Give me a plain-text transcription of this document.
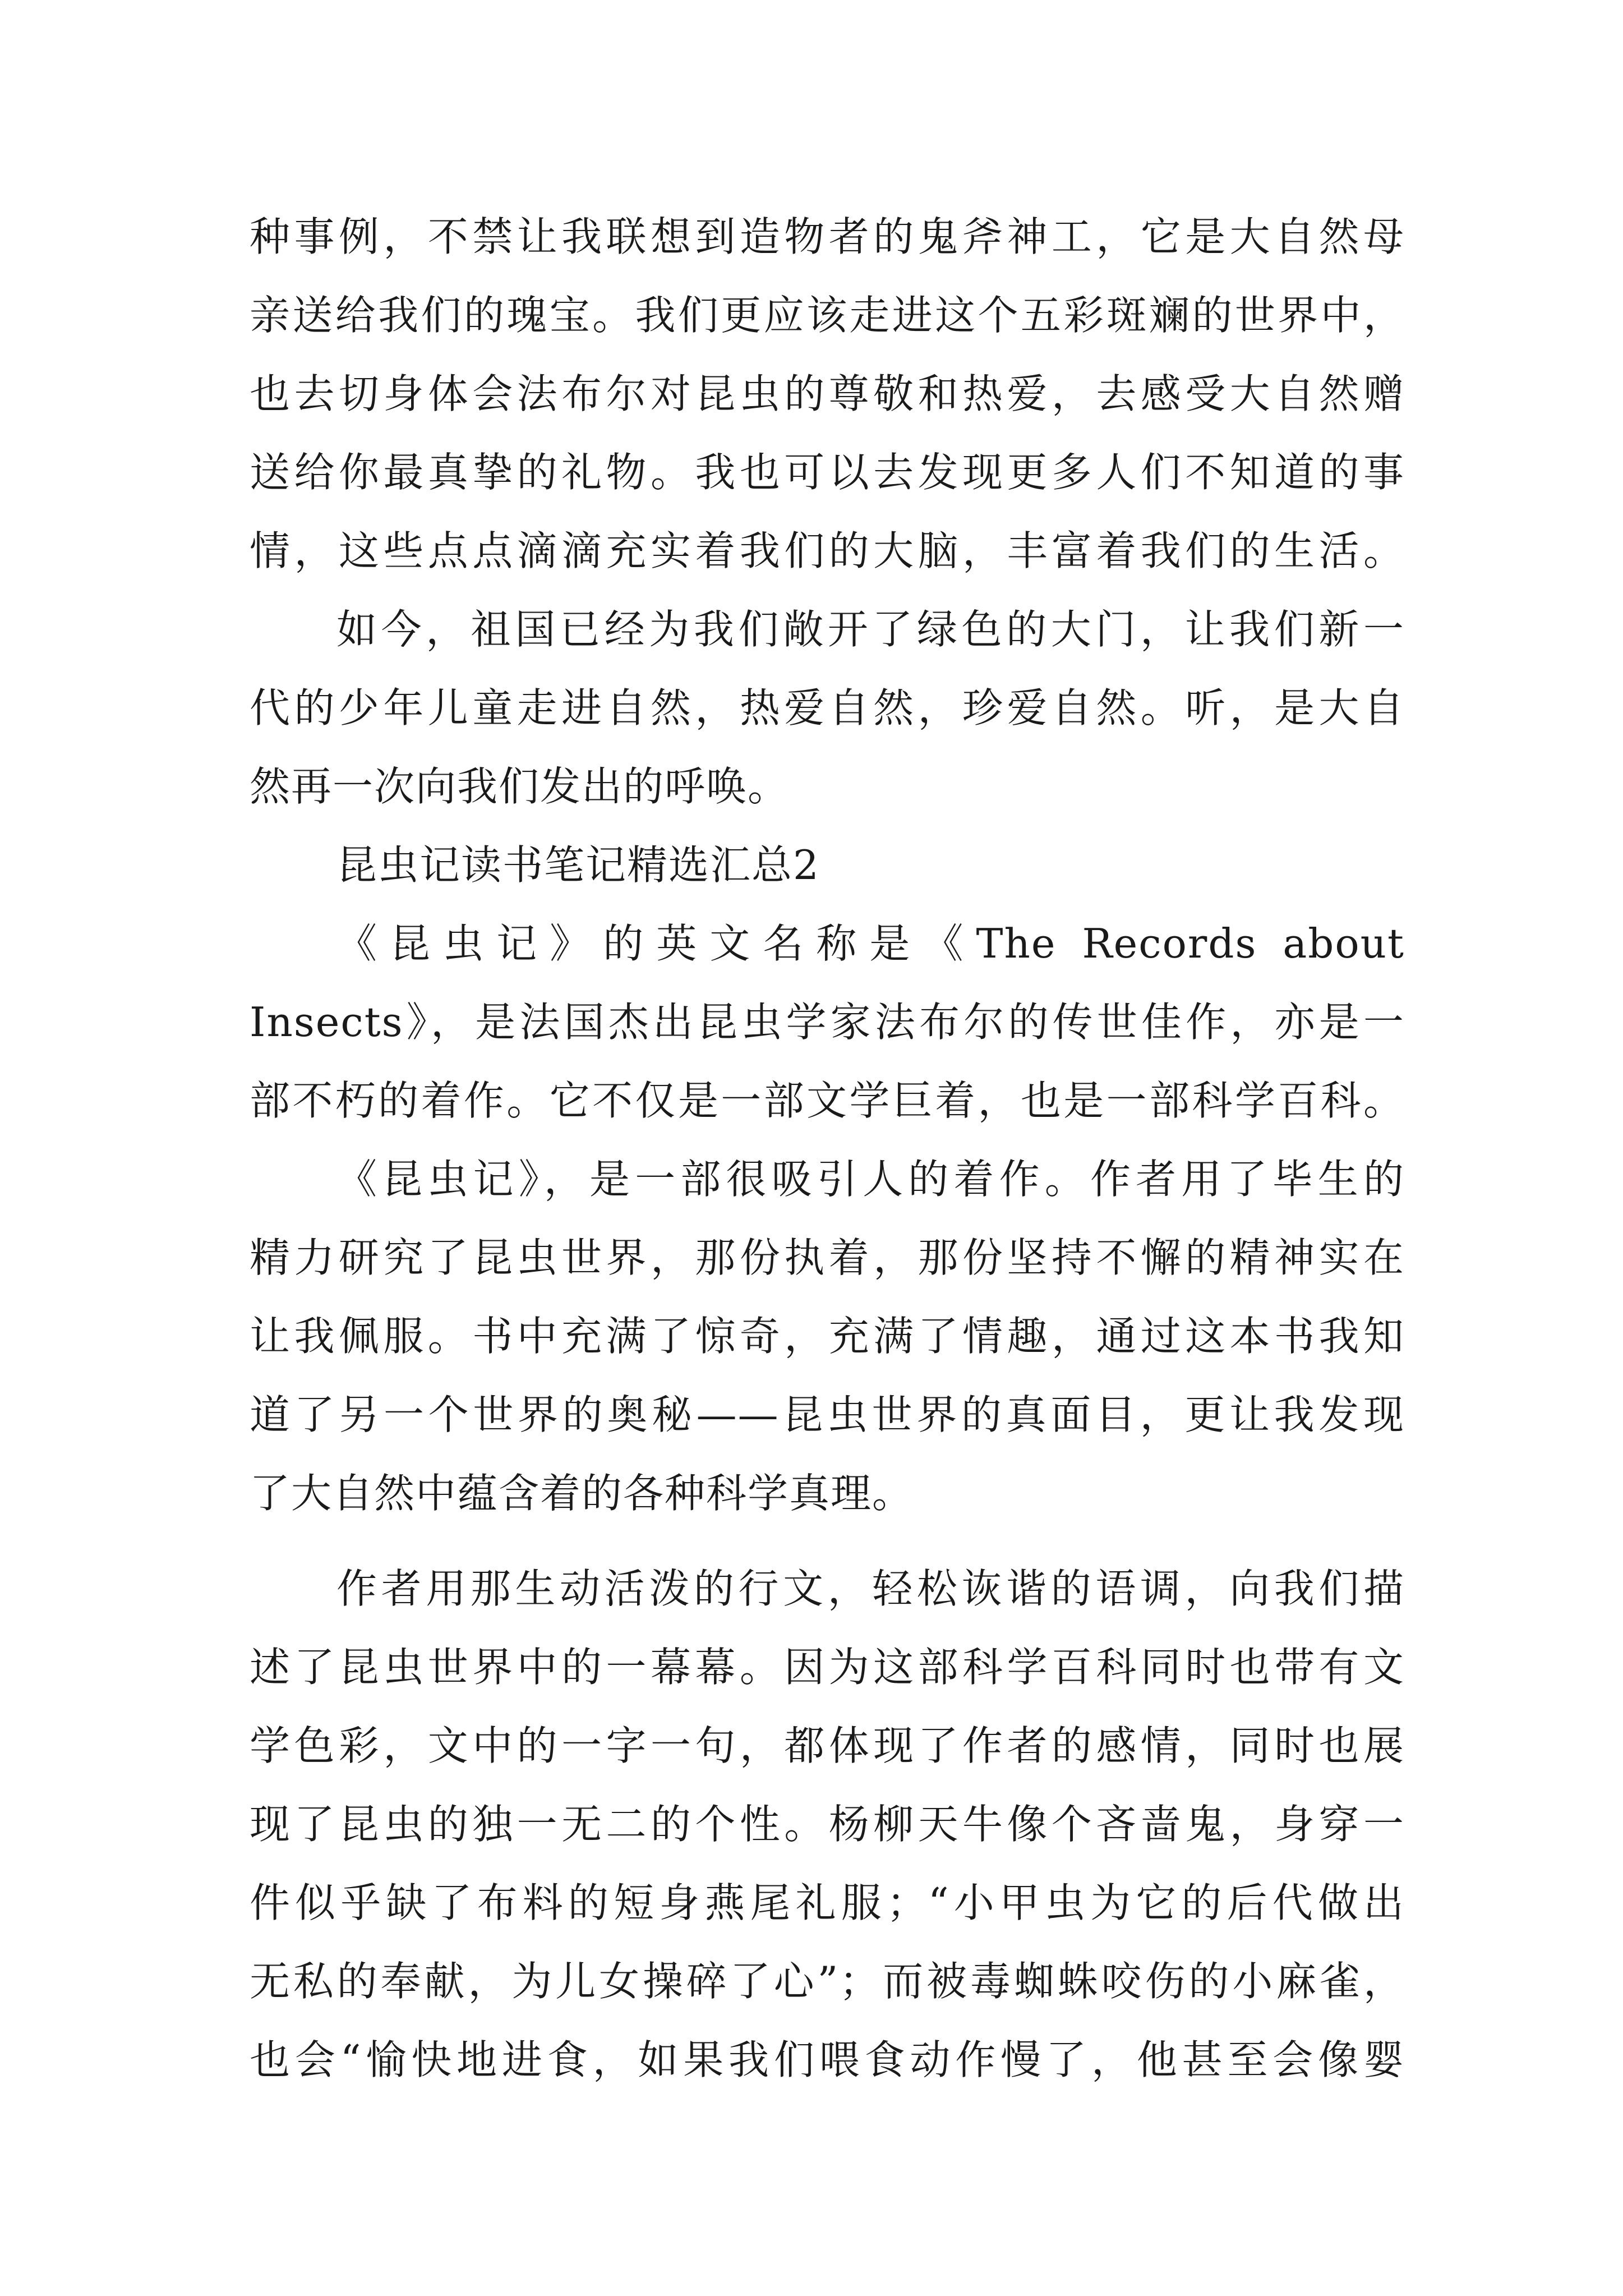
种事例，不禁让我联想到造物者的鬼斧神工，它是大自然母
亲送给我们的瑰宝。我们更应该走进这个五彩斑斓的世界中，
也去切身体会法布尔对昆虫的尊敬和热爱，去感受大自然赠
送给你最真挚的礼物。我也可以去发现更多人们不知道的事
情，这些点点滴滴充实着我们的大脑，丰富着我们的生活。
如今，祖国已经为我们敞开了绿色的大门，让我们新一
代的少年儿童走进自然，热爱自然，珍爱自然。听，是大自
然再一次向我们发出的呼唤。
昆虫记读书笔记精选汇总2
《昆虫记》的英文名称是《The Records about
Insects》，是法国杰出昆虫学家法布尔的传世佳作，亦是一
部不朽的着作。它不仅是一部文学巨着，也是一部科学百科。
《昆虫记》，是一部很吸引人的着作。作者用了毕生的
精力研究了昆虫世界，那份执着，那份坚持不懈的精神实在
让我佩服。书中充满了惊奇，充满了情趣，通过这本书我知
道了另一个世界的奥秘——昆虫世界的真面目，更让我发现
了大自然中蕴含着的各种科学真理。
作者用那生动活泼的行文，轻松诙谐的语调，向我们描
述了昆虫世界中的一幕幕。因为这部科学百科同时也带有文
学色彩，文中的一字一句，都体现了作者的感情，同时也展
现了昆虫的独一无二的个性。杨柳天牛像个吝啬鬼，身穿一
件似乎缺了布料的短身燕尾礼服；“小甲虫为它的后代做出
无私的奉献，为儿女操碎了心”；而被毒蜘蛛咬伤的小麻雀，
也会“愉快地进食，如果我们喂食动作慢了，他甚至会像婴
